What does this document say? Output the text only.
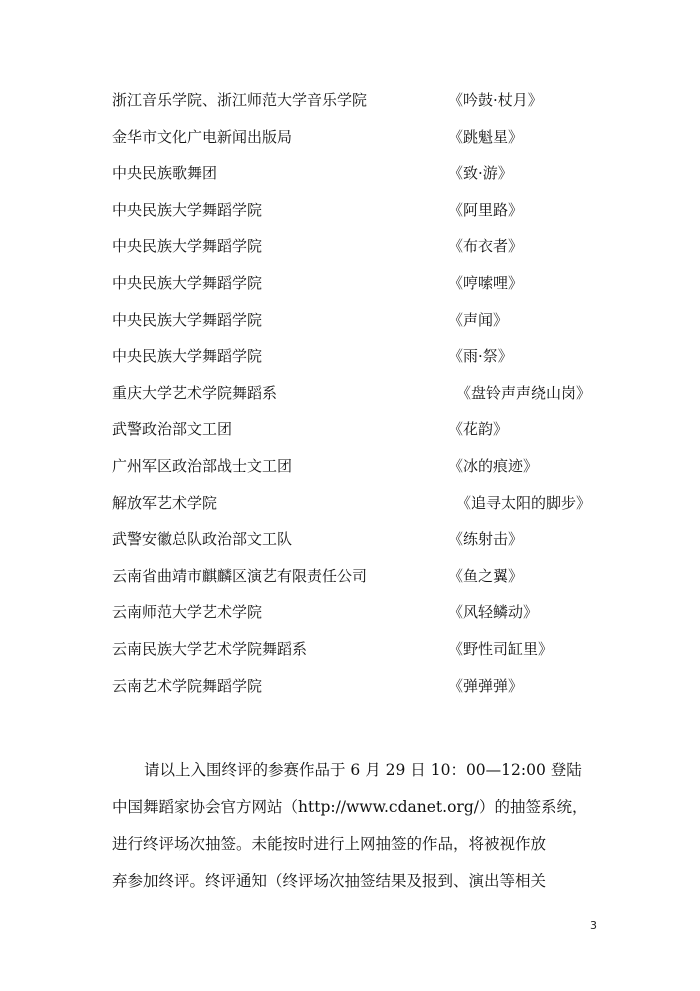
浙江音乐学院、浙江师范大学音乐学院	《吟鼓·杖月》
金华市文化广电新闻出版局	《跳魁星》
中央民族歌舞团	《致·游》
中央民族大学舞蹈学院	《阿里路》
中央民族大学舞蹈学院	《布衣者》
中央民族大学舞蹈学院	《哼嗦哩》
中央民族大学舞蹈学院	《声闻》
中央民族大学舞蹈学院	《雨·祭》
重庆大学艺术学院舞蹈系	《盘铃声声绕山岗》
武警政治部文工团	《花韵》
广州军区政治部战士文工团	《冰的痕迹》
解放军艺术学院	《追寻太阳的脚步》
武警安徽总队政治部文工队	《练射击》
云南省曲靖市麒麟区演艺有限责任公司	《鱼之翼》
云南师范大学艺术学院	《风轻鳞动》
云南民族大学艺术学院舞蹈系	《野性司缸里》
云南艺术学院舞蹈学院	《弹弹弹》

请以上入围终评的参赛作品于 6 月 29 日 10：00—12:00 登陆

中国舞蹈家协会官方网站（http://www.cdanet.org/）的抽签系统，

进行终评场次抽签。未能按时进行上网抽签的作品，将被视作放

弃参加终评。终评通知（终评场次抽签结果及报到、演出等相关

3
